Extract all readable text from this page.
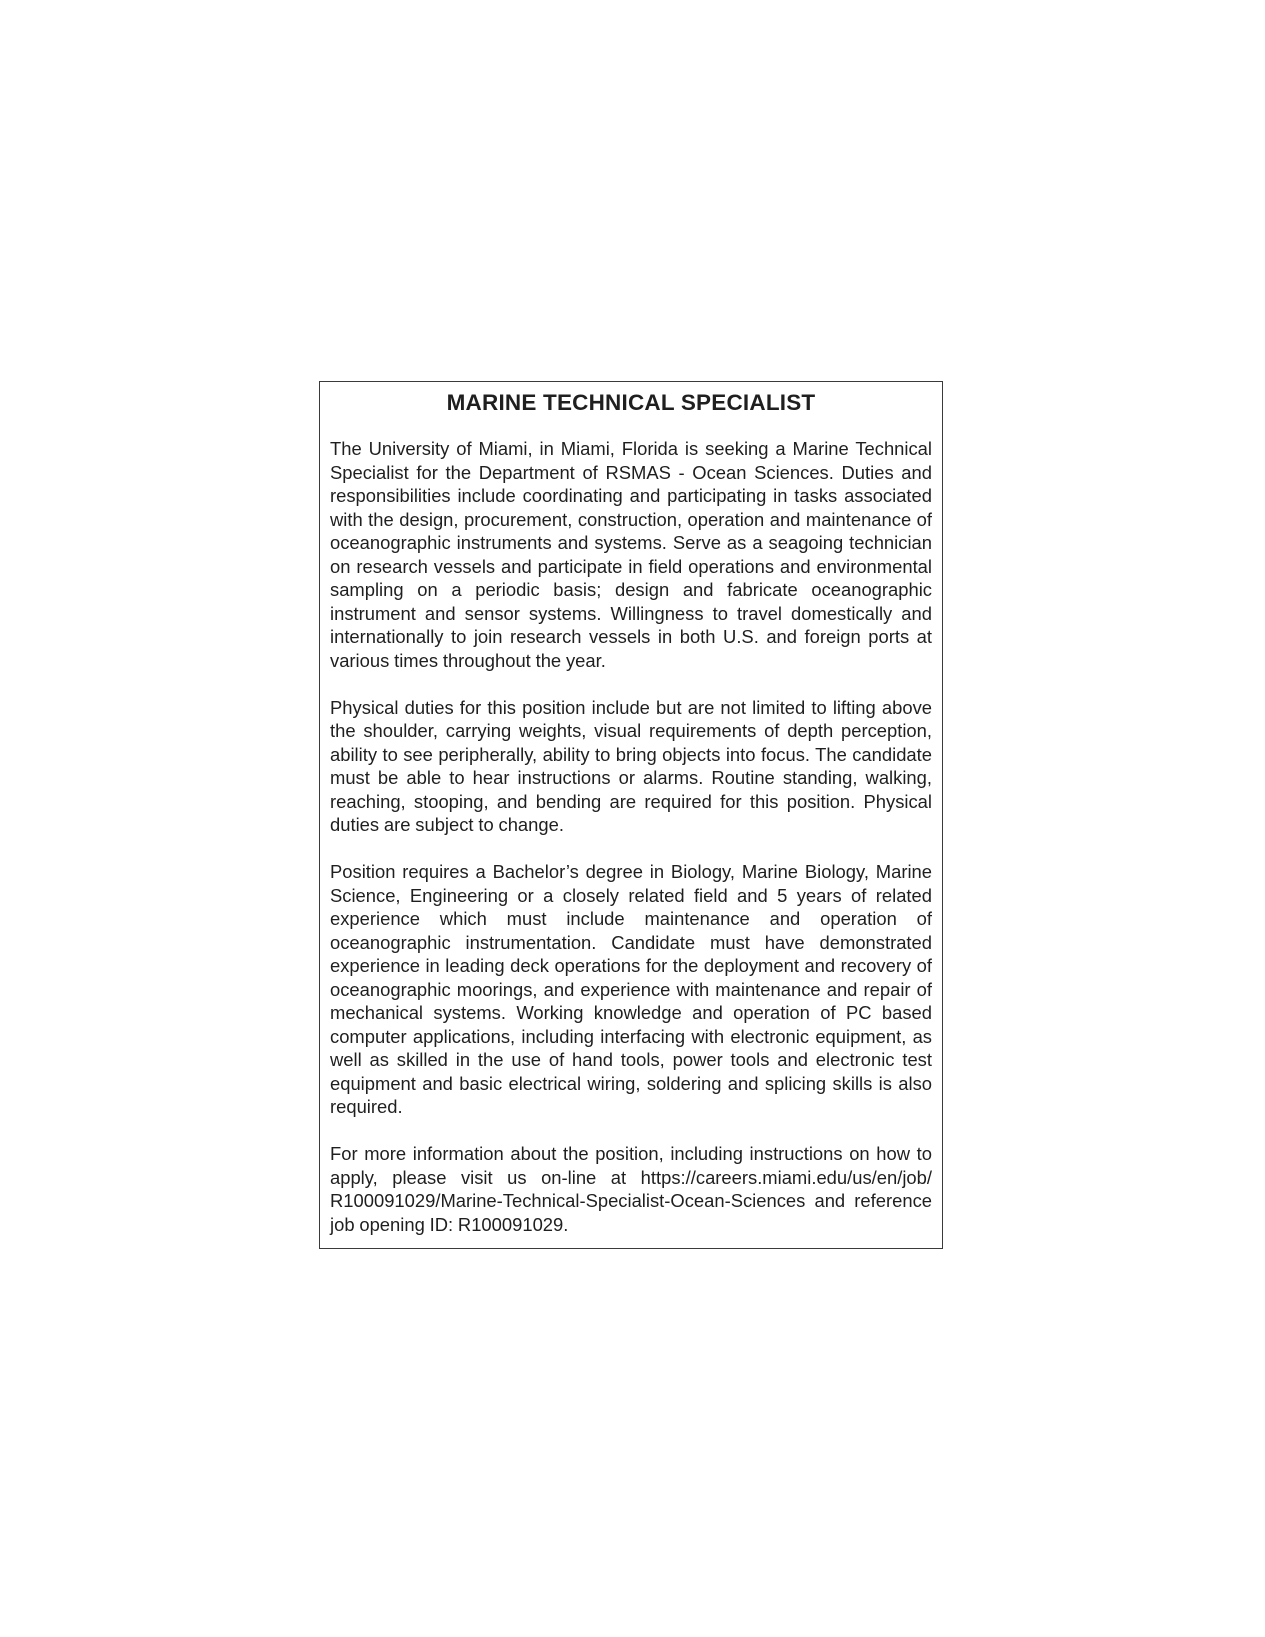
MARINE TECHNICAL SPECIALIST

The University of Miami, in Miami, Florida is seeking a Marine Technical Specialist for the Department of RSMAS - Ocean Sciences. Duties and responsibilities include coordinating and participating in tasks associated with the design, procurement, construction, operation and maintenance of oceanographic instruments and systems. Serve as a seagoing technician on research vessels and participate in field operations and environmental sampling on a periodic basis; design and fabricate oceanographic instrument and sensor systems. Willingness to travel domestically and internationally to join research vessels in both U.S. and foreign ports at various times throughout the year.

Physical duties for this position include but are not limited to lifting above the shoulder, carrying weights, visual requirements of depth perception, ability to see peripherally, ability to bring objects into focus. The candidate must be able to hear instructions or alarms. Routine standing, walking, reaching, stooping, and bending are required for this position. Physical duties are subject to change.

Position requires a Bachelor’s degree in Biology, Marine Biology, Marine Science, Engineering or a closely related field and 5 years of related experience which must include maintenance and operation of oceanographic instrumentation. Candidate must have demonstrated experience in leading deck operations for the deployment and recovery of oceanographic moorings, and experience with maintenance and repair of mechanical systems. Working knowledge and operation of PC based computer applications, including interfacing with electronic equipment, as well as skilled in the use of hand tools, power tools and electronic test equipment and basic electrical wiring, soldering and splicing skills is also required.

For more information about the position, including instructions on how to apply, please visit us on-line at https://careers.miami.edu/us/en/job/​R100091029/Marine-Technical-Specialist-Ocean-Sciences and reference job opening ID: R100091029.
